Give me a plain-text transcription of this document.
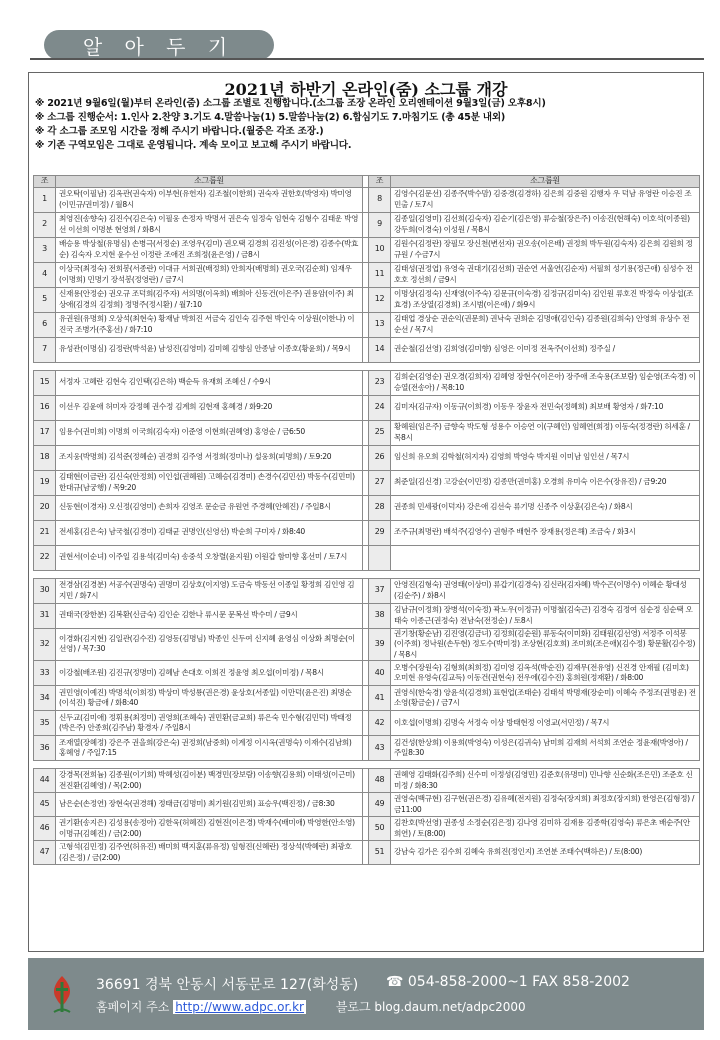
알 아 두 기
2021년 하반기 온라인(줌) 소그룹 개강
※ 2021년 9월6일(월)부터 온라인(줌) 소그룹 조별로 진행합니다.(소그룹 조장 온라인 오리엔테이션 9월3일(금) 오후8시)
※ 소그룹 진행순서: 1.인사 2.찬양 3.기도 4.말씀나눔(1) 5.말씀나눔(2) 6.합심기도 7.마침기도 (총 45분 내외)
※ 각 소그룹 조모임 시간을 정해 주시기 바랍니다.(월중은 각조 조장.)
※ 기존 구역모임은 그대로 운영됩니다. 계속 모이고 보고해 주시기 바랍니다.
조	소그룹원		조	소그룹원
1	권오탁(이필남) 김옥관(권숙자) 이부현(유헌자) 김조철(이한희) 권숙자 권한호(박영자) 박미영(이민규/권미정) / 월8시		8	김영수(김문선) 김종주(박수맘) 김중경(김경하) 김은희 김중원 김행자 우 덕남 유영란 이승진 조민출 / 토7시
2	최영진(송향숙) 김진수(김은숙) 이필웅 손정자 박명서 권은숙 임정숙 임현숙 김형수 김태운 박영선 이선희 이명분 현영희 / 화8시		9	김종일(김영미) 김선희(김숙자) 김순기(김은영) 류승철(장은주) 이송진(현해숙) 이호석(이종원) 강두희(이경숙) 이성원 / 목8시
3	배승용 박상철(유명심) 손병극(서정순) 조영우(김미) 권오택 김경희 김진성(이은경) 김종수(박효순) 김숙자 오지현 윤수선 이정란 조애진 조희정(윤은영) / 금8시		10	김원수(김정란) 장필모 장신천(변선자) 권오송(이은배) 권정희 박두원(김숙자) 김은희 김원희 정규원 / 수금7시
4	이상국(최정숙) 전희봉(서종란) 이대규 서희권(배정희) 안희자(배명희) 권오국(김순희) 임재우(이명희) 민명기 장석봉(정영란) / 금7시		11	김태성(권정엽) 유영숙 권대기(김선희) 권순연 서울연(김순자) 서필희 성기용(정근애) 심성수 전호호 정선희 / 금9시
5	신재용(안정순) 권오규 조덕희(김주자) 서의명(이옥희) 배희아 신동건(이은주) 권용암(이주) 최상애(김경의 김정희) 정명주(정시환) / 월7:10		12	이명상(김정숙) 신재영(이주숙) 김문규(이숙경) 김정규(김미숙) 김인원 류호진 박정숙 이상섭(조효경) 조상열(김경희) 조시범(이은애) / 화9시
6	유권원(유명희) 오상석(최현숙) 황재남 박희진 서금숙 김인숙 김주현 박인숙 이상원(이한나) 이진국 조병가(주홍선) / 화7:10		13	김태업 경상순 권순익(권문희) 권낙숙 권희순 김명애(김인숙) 김종원(김희숙) 안영희 유상수 전순선 / 목7시
7	유성관(이명심) 김정란(박석윤) 남성진(김영미) 김미혜 김향심 안종남 이종호(황윤희) / 목9시		14	권순철(김선영) 김희영(김미향) 심영은 이미정 전옥주(이선희) 정주실 /

15	서정자 고혜란 김현숙 김인택(김은하) 백순득 유재희 조혜신 / 수9시		23	김희순(김영순) 권오경(김희자) 김혜영 장현수(이은아) 장주애 조숙용(조보람) 임순영(조숙경) 이승열(전송아) / 목8:10
16	이선우 김윤애 허미자 강정혜 권수정 김계희 김현재 홍혜경 / 화9:20		24	김미자(김규자) 이동규(이희경) 이동우 장윤자 전민숙(정혜희) 최보배 황영자 / 화7:10
17	임용수(권미희) 이명희 이국희(김숙자) 이준영 이현희(권혜영) 홍영순 / 금6:50		25	황혜원(임은주) 금향숙 박도형 성용수 이승연 이(구혜인) 임혜연(희정) 이동숙(정경란) 허세훈 / 목8시
18	조지웅(박명희) 김석준(정혜순) 권경희 김주영 서정희(정미나) 설웅희(피명희) / 토9:20		26	임신희 유오희 김학철(허지자) 김영희 박영숙 박지원 이미남 임인선 / 목7시
19	김태현(이금란) 김신숙(안정희) 이인섭(권혜원) 고혜승(김경미) 손경수(김민선) 박동수(김민미) 한대규(남궁행) / 목9:20		27	최준일(김신경) 고강순(이민정) 김종만(권미홍) 오경희 유미숙 이은수(장유진) / 금9:20
20	신동현(이경자) 오신정(김영미) 손희자 김영조 문순금 유원연 주경혜(안혜진) / 주일8시		28	권종희 민세광(이덕자) 강은애 김선숙 류기명 신종주 이상훈(김은숙) / 화8시
21	전세홍(김은숙) 남국철(김경미) 김태균 권명인(신영선) 박순희 구미자 / 화8:40		29	조주규(최명란) 배석주(김영수) 권형주 배현주 장재용(정은해) 조금숙 / 화3시
22	권현서(이순녀) 이주일 김용석(김미숙) 송중석 오창렬(윤지원) 이원갑 함미향 홍선미 / 토7시			

30	전경삼(김경분) 서공수(권명숙) 권명미 김상호(이지영) 도금숙 박동선 이종일 황정희 김인영 김지민 / 화7시		37	안영진(김형숙) 권영태(이상미) 류갑기(김경숙) 김신라(김자혜) 박수곤(이명수) 이혜순 황대성(김순주) / 화8시
31	권태국(장한분) 김복환(신금숙) 김인순 김한나 류시문 문복선 박수미 / 금9시		38	김남규(이정희) 장병석(이숙정) 곽노우(이정규) 이명철(김숙근) 김경숙 김정여 심순정 심순택 오태숙 이종근(권정숙) 전남숙(전정순) / 토8시
32	이경화(김지현) 김일관(김수진) 김영동(김명님) 박종인 신두여 신지혜 윤영심 이상화 최명순(이선영) / 목7:30		39	권기창(황순남) 김진영(김금녀) 김정희(김순원) 류동숙(이미화) 김태원(김선영) 서정주 이석봉(이주희) 정낙원(손두현) 정도수(박미정) 조상현(김호희) 조미희(조은애)(김수정) 황문활(김수정) / 목8시
33	이강철(배조원) 김진규(정명미) 김혜남 손대호 이희진 정윤영 최오섭(이미정) / 목8시		40	오병수(장원숙) 김형희(최희정) 김미영 김옥석(박순진) 김재무(전유영) 신진경 안재필 (김미호) 오미현 유영숙(김교득) 이동건(권현숙) 전우에(김수진) 홍희원(정재환) / 화8:00
34	권민영(이예진) 박명석(이희정) 박상미 박성룡(권은경) 윤상호(서종일) 이만덕(윤은진) 최명순(이석진) 황금애 / 화8:40		41	권영식(한숙경) 앙윤석(김경희) 표현업(조태순) 김태석 박명재(장순미) 이혜숙 주정조(권명운) 전소영(황금순) / 금7시
35	신두교(김미애) 정휘용(최정미) 권영희(조혜숙) 권민환(금교희) 류은숙 민수형(김민덕) 박태정(박은주) 안종희(김주남) 황경자 / 주일8시		42	이호섭(이명희) 김명숙 서정숙 이상 방태현정 이영교(서민정) / 목7시
36	조재열(장혜정) 강은주 권을희(강은숙) 권정희(남중희) 이계정 이시옥(권명숙) 이재수(김남희) 홍혜영 / 주일7:15		43	김건성(한상희) 이용희(박영숙) 이성은(김귀숙) 남미희 김재희 서석희 조연순 정윤재(박영아) / 주일8:30

44	강경목(전희늄) 김종원(이기희) 박혜성(김이분) 백경민(장보람) 이송향(김용희) 이태성(이근미) 전진환(김혜영) / 목(2:00)		48	권혜영 김태화(김주희) 신수미 이정성(김영민) 김준호(유명미) 민나향 신순화(조은민) 조준호 신미정 / 화8:30
45	남은순(손정연) 장현숙(권경해) 정태금(김명미) 최기원(김민희) 표승우(백진정) / 금8:30		49	권영숙(백규현) 김구현(권은경) 김유혜(전지원) 김정숙(장지희) 최정호(장지희) 한영은(김형정) / 금11:00
46	권기환(송지은) 김성용(송정아) 김한욱(허혜진) 김현진(이은경) 박재수(배미애) 박영한(안소영) 이명규(김혜진) / 금(2:00)		50	김찬호(박선영) 권종성 소정순(김은정) 김나영 김미하 김재용 김종학(김영숙) 류은초 배순주(안희연) / 토(8:00)
47	고형석(김민정) 김주연(허유진) 배미희 백지훈(류유정) 임형진(신혜란) 정상석(박혜란) 최광호(김은정) / 금(2:00)		51	강남숙 김가은 김수희 김혜숙 유희진(정인지) 조연분 조태수(백하은) / 토(8:00)
36691 경북 안동시 서동문로 127(화성동) ☎ 054-858-2000~1 FAX 858-2002
홈페이지 주소 http://www.adpc.or.kr	블로그 blog.daum.net/adpc2000
